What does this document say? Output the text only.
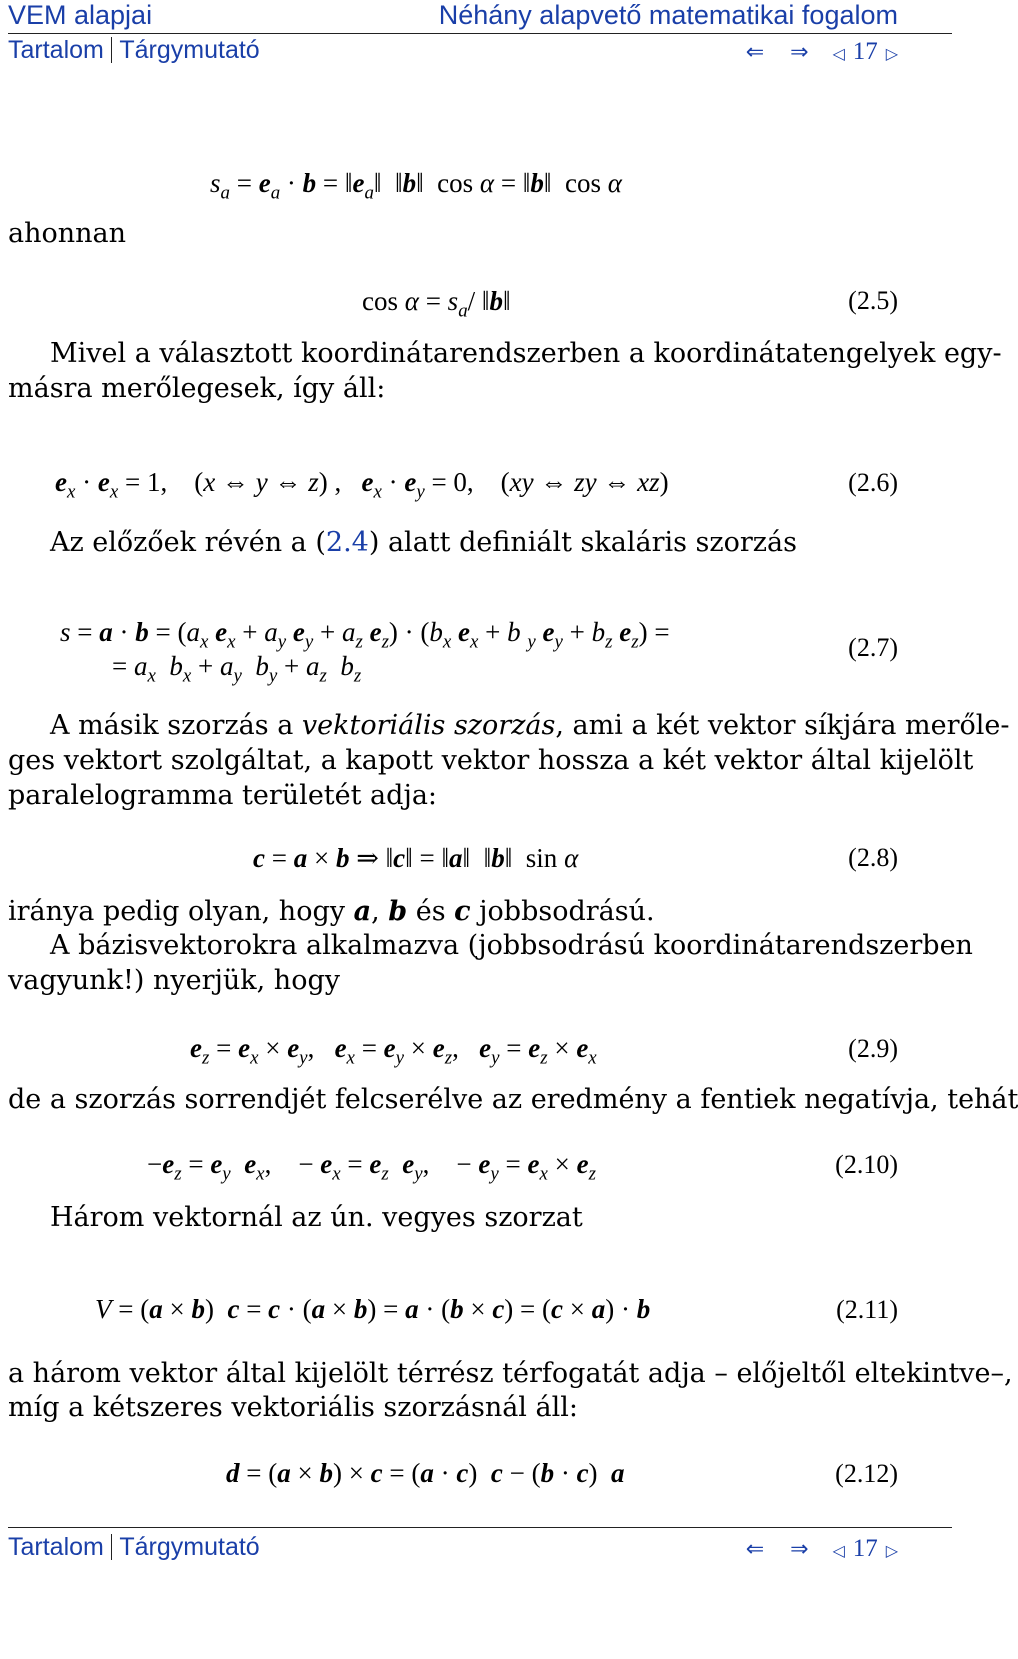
VEM alapjai	Néhány alapvető matematikai fogalom
Tartalom Tárgymutató	⇐ ⇒ ◁ 17 ▷
$s_a = e_a \cdot b$ = $‖e_a‖$  ‖b‖  cos α = ‖b‖  cos α
ahonnan
$\cos \alpha = s_a/$ ‖b‖	(2.5)
Mivel a választott koordinátarendszerben a koordinátatengelyek egy-
másra merőlegesek, így áll:
$e_x \cdot e_x = 1$,    (x ⇔ y ⇔ z) ,   $e_x \cdot e_y = 0$,    (xy ⇔ zy ⇔ xz)	(2.6)
Az előzőek révén a (2.4) alatt definiált skaláris szorzás
$s = a \cdot b = (a_x$ $e_x + a_y$ $e_y + a_z$ $e_z) \cdot (b_x$ $e_x + b$ $_y$ $e_y + b_z$ $e_z$) =
= $a_x$ $b_x + a_y$ $b_y + a_z$ $b_z$
(2.7)
A másik szorzás a vektoriális szorzás, ami a két vektor síkjára merőle-
ges vektort szolgáltat, a kapott vektor hossza a két vektor által kijelölt
paralelogramma területét adja:
c = a × b ⇒ ‖c‖ = ‖a‖  ‖b‖  sin α	(2.8)
iránya pedig olyan, hogy a, b és c jobbsodrású.
A bázisvektorokra alkalmazva (jobbsodrású koordinátarendszerben
vagyunk!) nyerjük, hogy
$e_z = e_x \times e_y$,   $e_x = e_y \times e_z$,   $e_y = e_z \times e_x$	(2.9)
de a szorzás sorrendjét felcserélve az eredmény a fentiek negatívja, tehát
$-e_z = e_y$ $e_x$,    − $e_x = e_z$ $e_y$,    − $e_y = e_x \times e_z$	(2.10)
Három vektornál az ún. vegyes szorzat
V = (a × b)  c = c · (a × b) = a · (b × c) = (c × a) · b	(2.11)
a három vektor által kijelölt térrész térfogatát adja – előjeltől eltekintve–,
míg a kétszeres vektoriális szorzásnál áll:
d = (a × b) × c = (a · c)  c − (b · c)  a	(2.12)
Tartalom Tárgymutató	⇐ ⇒ ◁ 17 ▷
